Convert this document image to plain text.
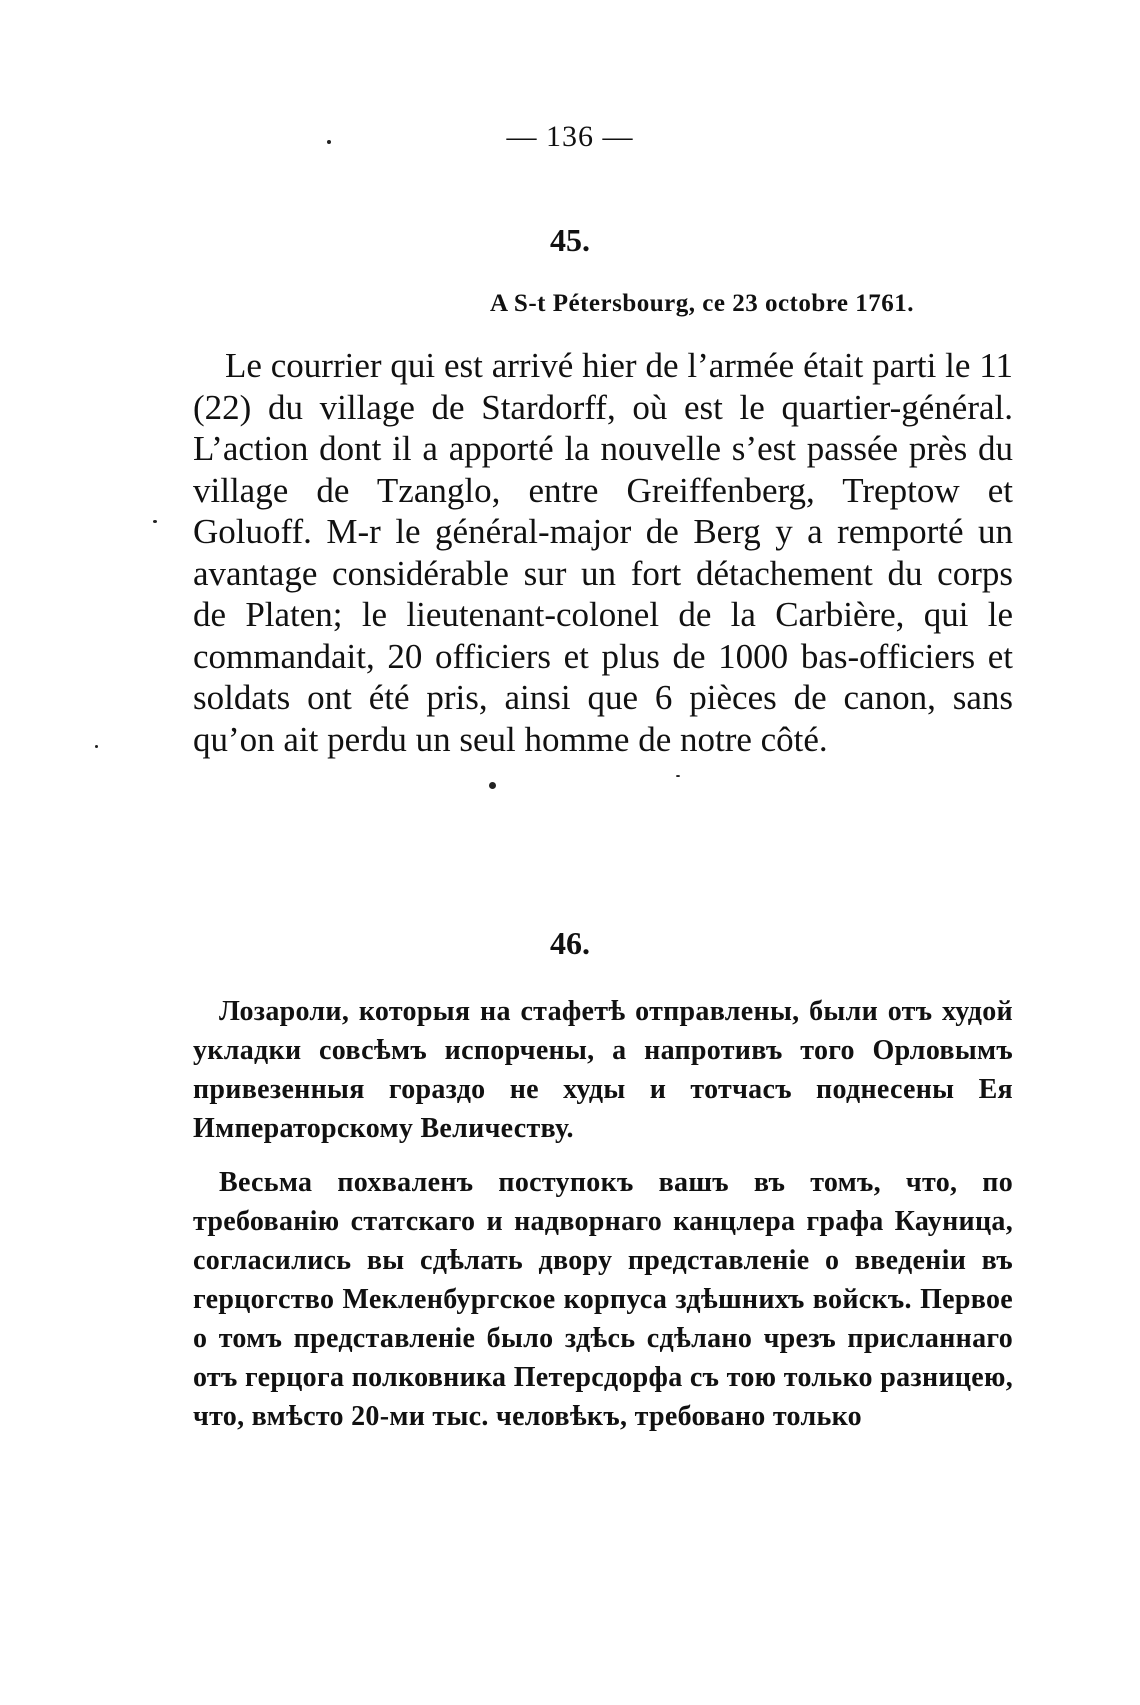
— 136 —
45.
A S-t Pétersbourg, ce 23 octobre 1761.

Le courrier qui est arrivé hier de l’armée était parti le 11 (22) du village de Stardorff, où est le quartier-général. L’action dont il a apporté la nouvelle s’est passée près du village de Tzanglo, entre Greiffenberg, Treptow et Goluoff. M-r le général-major de Berg y a remporté un avantage considérable sur un fort détachement du corps de Platen; le lieutenant-colonel de la Carbière, qui le commandait, 20 officiers et plus de 1000 bas-officiers et soldats ont été pris, ainsi que 6 pièces de canon, sans qu’on ait perdu un seul homme de notre côté.

46.

Лозароли, которыя на стафетѣ отправлены, были отъ худой укладки совсѣмъ испорчены, а напротивъ того Орловымъ привезенныя гораздо не худы и тотчасъ поднесены Ея Императорскому Величеству.

Весьма похваленъ поступокъ вашъ въ томъ, что, по требованію статскаго и надворнаго канцлера графа Кауница, согласились вы сдѣлать двору представленіе о введеніи въ герцогство Мекленбургское корпуса здѣшнихъ войскъ. Первое о томъ представленіе было здѣсь сдѣлано чрезъ присланнаго отъ герцога полковника Петерсдорфа съ тою только разницею, что, вмѣсто 20-ми тыс. человѣкъ, требовано только
